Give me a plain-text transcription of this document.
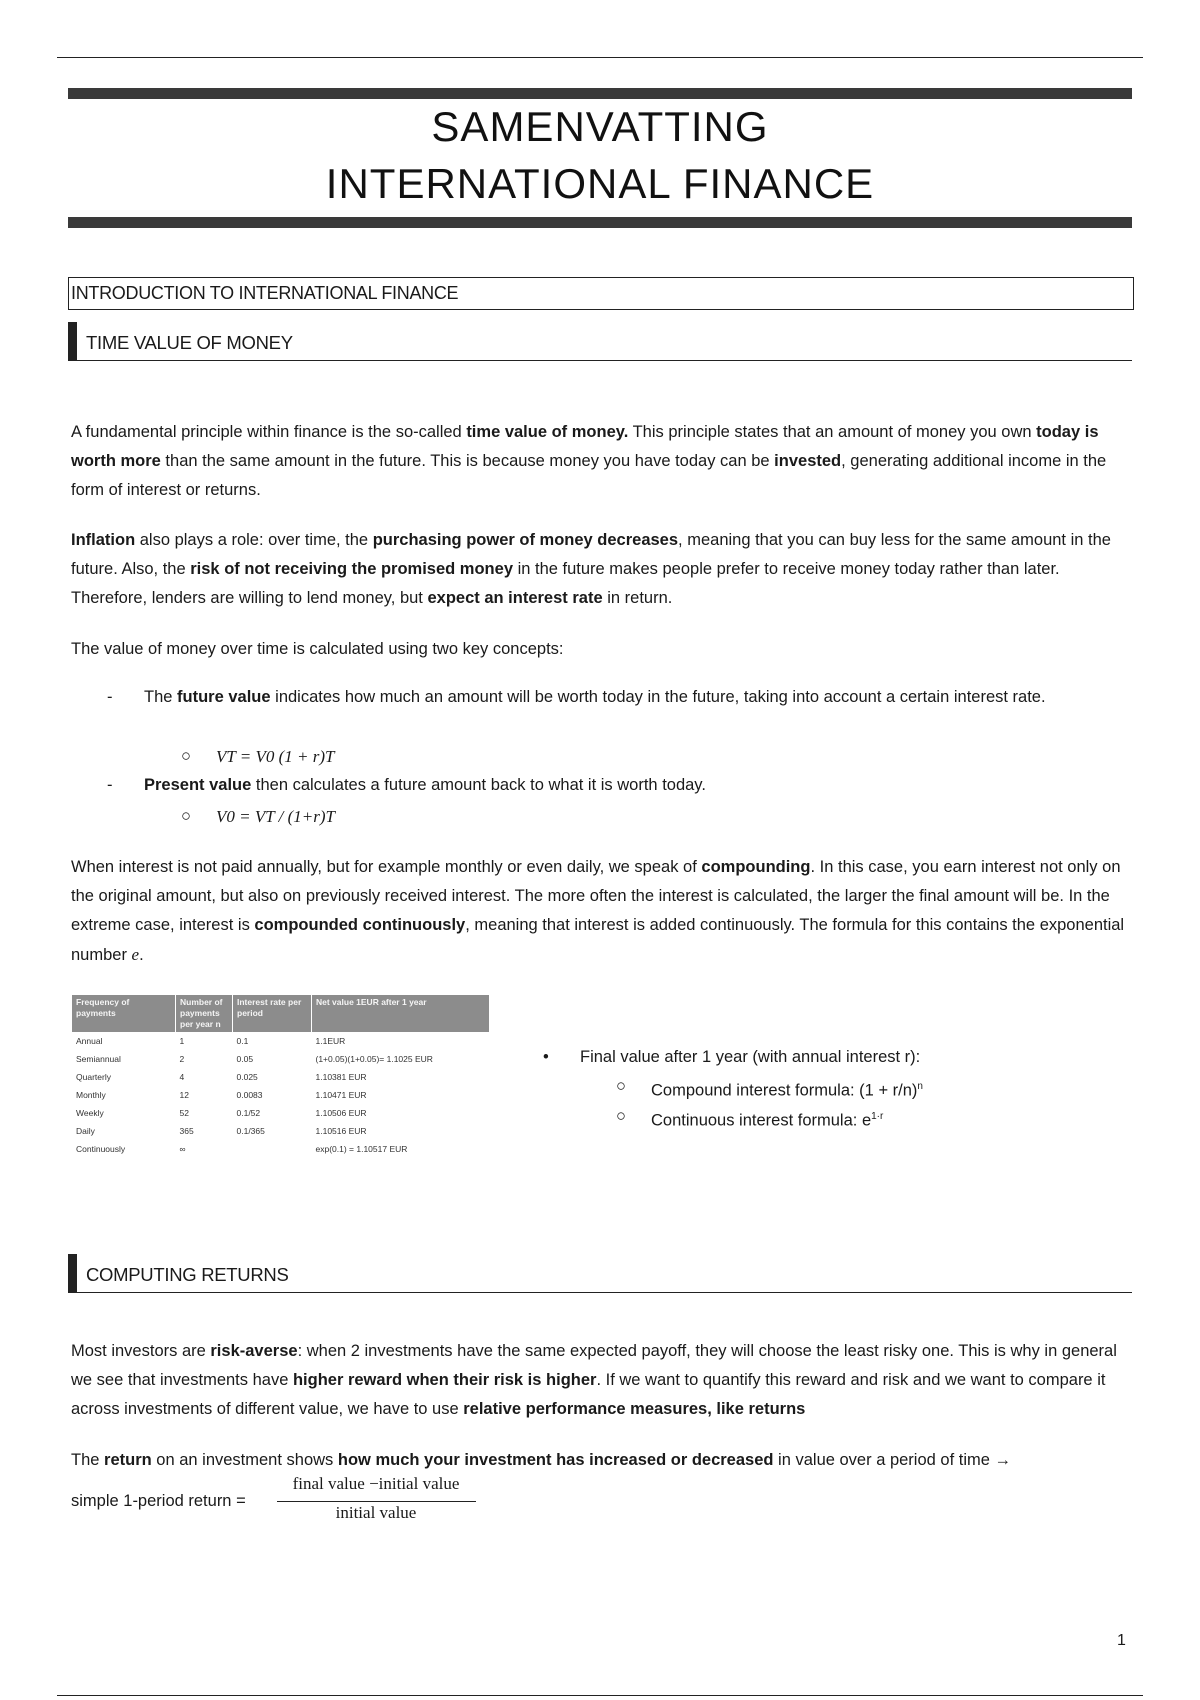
SAMENVATTING
INTERNATIONAL FINANCE
INTRODUCTION TO INTERNATIONAL FINANCE
TIME VALUE OF MONEY
A fundamental principle within finance is the so-called time value of money. This principle states that an amount of money you own today is worth more than the same amount in the future. This is because money you have today can be invested, generating additional income in the form of interest or returns.
Inflation also plays a role: over time, the purchasing power of money decreases, meaning that you can buy less for the same amount in the future. Also, the risk of not receiving the promised money in the future makes people prefer to receive money today rather than later. Therefore, lenders are willing to lend money, but expect an interest rate in return.
The value of money over time is calculated using two key concepts:
- The future value indicates how much an amount will be worth today in the future, taking into account a certain interest rate.
○ VT = V0 (1 + r)T
- Present value then calculates a future amount back to what it is worth today.
○ V0 = VT / (1+r)T
When interest is not paid annually, but for example monthly or even daily, we speak of compounding. In this case, you earn interest not only on the original amount, but also on previously received interest. The more often the interest is calculated, the larger the final amount will be. In the extreme case, interest is compounded continuously, meaning that interest is added continuously. The formula for this contains the exponential number e.
Frequency of payments	Number of payments per year n	Interest rate per period	Net value 1EUR after 1 year
Annual	1	0.1	1.1EUR
Semiannual	2	0.05	(1+0.05)(1+0.05)= 1.1025 EUR
Quarterly	4	0.025	1.10381 EUR
Monthly	12	0.0083	1.10471 EUR
Weekly	52	0.1/52	1.10506 EUR
Daily	365	0.1/365	1.10516 EUR
Continuously	∞		exp(0.1) = 1.10517 EUR
• Final value after 1 year (with annual interest r):
○ Compound interest formula: $(1 + r/n)^n$
○ Continuous interest formula: $e^{1\cdot r}$
COMPUTING RETURNS
Most investors are risk-averse: when 2 investments have the same expected payoff, they will choose the least risky one. This is why in general we see that investments have higher reward when their risk is higher. If we want to quantify this reward and risk and we want to compare it across investments of different value, we have to use relative performance measures, like returns
The return on an investment shows how much your investment has increased or decreased in value over a period of time →
simple 1-period return =
final value −initial value
initial value
1
